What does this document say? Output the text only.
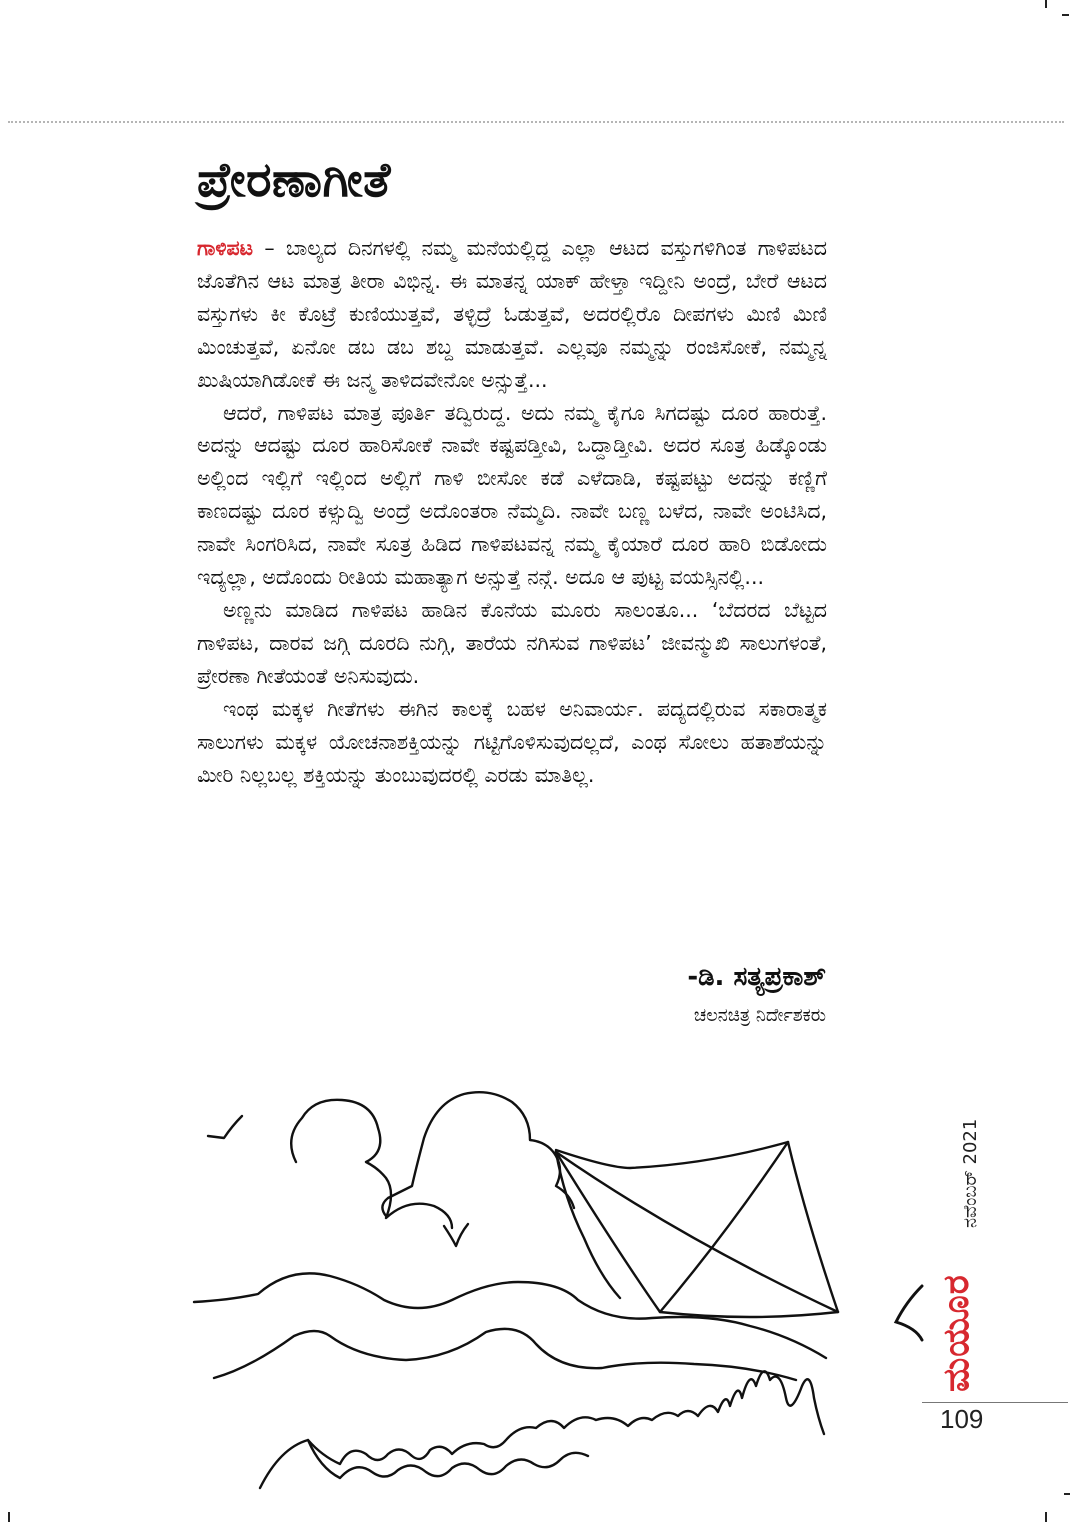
ಪ್ರೇರಣಾಗೀತೆ

ಗಾಳಿಪಟ – ಬಾಲ್ಯದ ದಿನಗಳಲ್ಲಿ ನಮ್ಮ ಮನೆಯಲ್ಲಿದ್ದ ಎಲ್ಲಾ ಆಟದ ವಸ್ತುಗಳಿಗಿಂತ ಗಾಳಿಪಟದ ಜೊತೆಗಿನ ಆಟ ಮಾತ್ರ ತೀರಾ ವಿಭಿನ್ನ. ಈ ಮಾತನ್ನ ಯಾಕ್ ಹೇಳ್ತಾ ಇದ್ದೀನಿ ಅಂದ್ರೆ, ಬೇರೆ ಆಟದ ವಸ್ತುಗಳು ಕೀ ಕೊಟ್ರೆ ಕುಣಿಯುತ್ತವೆ, ತಳ್ಳಿದ್ರೆ ಓಡುತ್ತವೆ, ಅದರಲ್ಲಿರೊ ದೀಪಗಳು ಮಿಣಿ ಮಿಣಿ ಮಿಂಚುತ್ತವೆ, ಏನೋ ಡಬ ಡಬ ಶಬ್ದ ಮಾಡುತ್ತವೆ. ಎಲ್ಲವೂ ನಮ್ಮನ್ನು ರಂಜಿಸೋಕೆ, ನಮ್ಮನ್ನ ಖುಷಿಯಾಗಿಡೋಕೆ ಈ ಜನ್ಮ ತಾಳಿದವೇನೋ ಅನ್ಸುತ್ತೆ...

ಆದರೆ, ಗಾಳಿಪಟ ಮಾತ್ರ ಪೂರ್ತಿ ತದ್ವಿರುದ್ದ. ಅದು ನಮ್ಮ ಕೈಗೂ ಸಿಗದಷ್ಟು ದೂರ ಹಾರುತ್ತೆ. ಅದನ್ನು ಆದಷ್ಟು ದೂರ ಹಾರಿಸೋಕೆ ನಾವೇ ಕಷ್ಟಪಡ್ತೀವಿ, ಒದ್ದಾಡ್ತೀವಿ. ಅದರ ಸೂತ್ರ ಹಿಡ್ಕೊಂಡು ಅಲ್ಲಿಂದ ಇಲ್ಲಿಗೆ ಇಲ್ಲಿಂದ ಅಲ್ಲಿಗೆ ಗಾಳಿ ಬೀಸೋ ಕಡೆ ಎಳೆದಾಡಿ, ಕಷ್ಟಪಟ್ಟು ಅದನ್ನು ಕಣ್ಣಿಗೆ ಕಾಣದಷ್ಟು ದೂರ ಕಳ್ಸುದ್ವಿ ಅಂದ್ರೆ ಅದೊಂತರಾ ನೆಮ್ಮದಿ. ನಾವೇ ಬಣ್ಣ ಬಳೆದ, ನಾವೇ ಅಂಟಿಸಿದ, ನಾವೇ ಸಿಂಗರಿಸಿದ, ನಾವೇ ಸೂತ್ರ ಹಿಡಿದ ಗಾಳಿಪಟವನ್ನ ನಮ್ಮ ಕೈಯಾರೆ ದೂರ ಹಾರಿ ಬಿಡೋದು ಇದ್ಯಲ್ಲಾ, ಅದೊಂದು ರೀತಿಯ ಮಹಾತ್ಯಾಗ ಅನ್ಸುತ್ತೆ ನನ್ಗೆ. ಅದೂ ಆ ಪುಟ್ಟ ವಯಸ್ಸಿನಲ್ಲಿ...

ಅಣ್ಣನು ಮಾಡಿದ ಗಾಳಿಪಟ ಹಾಡಿನ ಕೊನೆಯ ಮೂರು ಸಾಲಂತೂ... ‘ಬೆದರದ ಬೆಟ್ಟದ ಗಾಳಿಪಟ, ದಾರವ ಜಗ್ಗಿ ದೂರದಿ ನುಗ್ಗಿ, ತಾರೆಯ ನಗಿಸುವ ಗಾಳಿಪಟ’ ಜೀವನ್ಮುಖಿ ಸಾಲುಗಳಂತೆ, ಪ್ರೇರಣಾ ಗೀತೆಯಂತೆ ಅನಿಸುವುದು.

ಇಂಥ ಮಕ್ಕಳ ಗೀತೆಗಳು ಈಗಿನ ಕಾಲಕ್ಕೆ ಬಹಳ ಅನಿವಾರ್ಯ. ಪದ್ಯದಲ್ಲಿರುವ ಸಕಾರಾತ್ಮಕ ಸಾಲುಗಳು ಮಕ್ಕಳ ಯೋಚನಾಶಕ್ತಿಯನ್ನು ಗಟ್ಟಿಗೊಳಿಸುವುದಲ್ಲದೆ, ಎಂಥ ಸೋಲು ಹತಾಶೆಯನ್ನು ಮೀರಿ ನಿಲ್ಲಬಲ್ಲ ಶಕ್ತಿಯನ್ನು ತುಂಬುವುದರಲ್ಲಿ ಎರಡು ಮಾತಿಲ್ಲ.

-ಡಿ. ಸತ್ಯಪ್ರಕಾಶ್
ಚಲನಚಿತ್ರ ನಿರ್ದೇಶಕರು
ನವೆಂಬರ್ 2021
ಮಯೂರ
109
